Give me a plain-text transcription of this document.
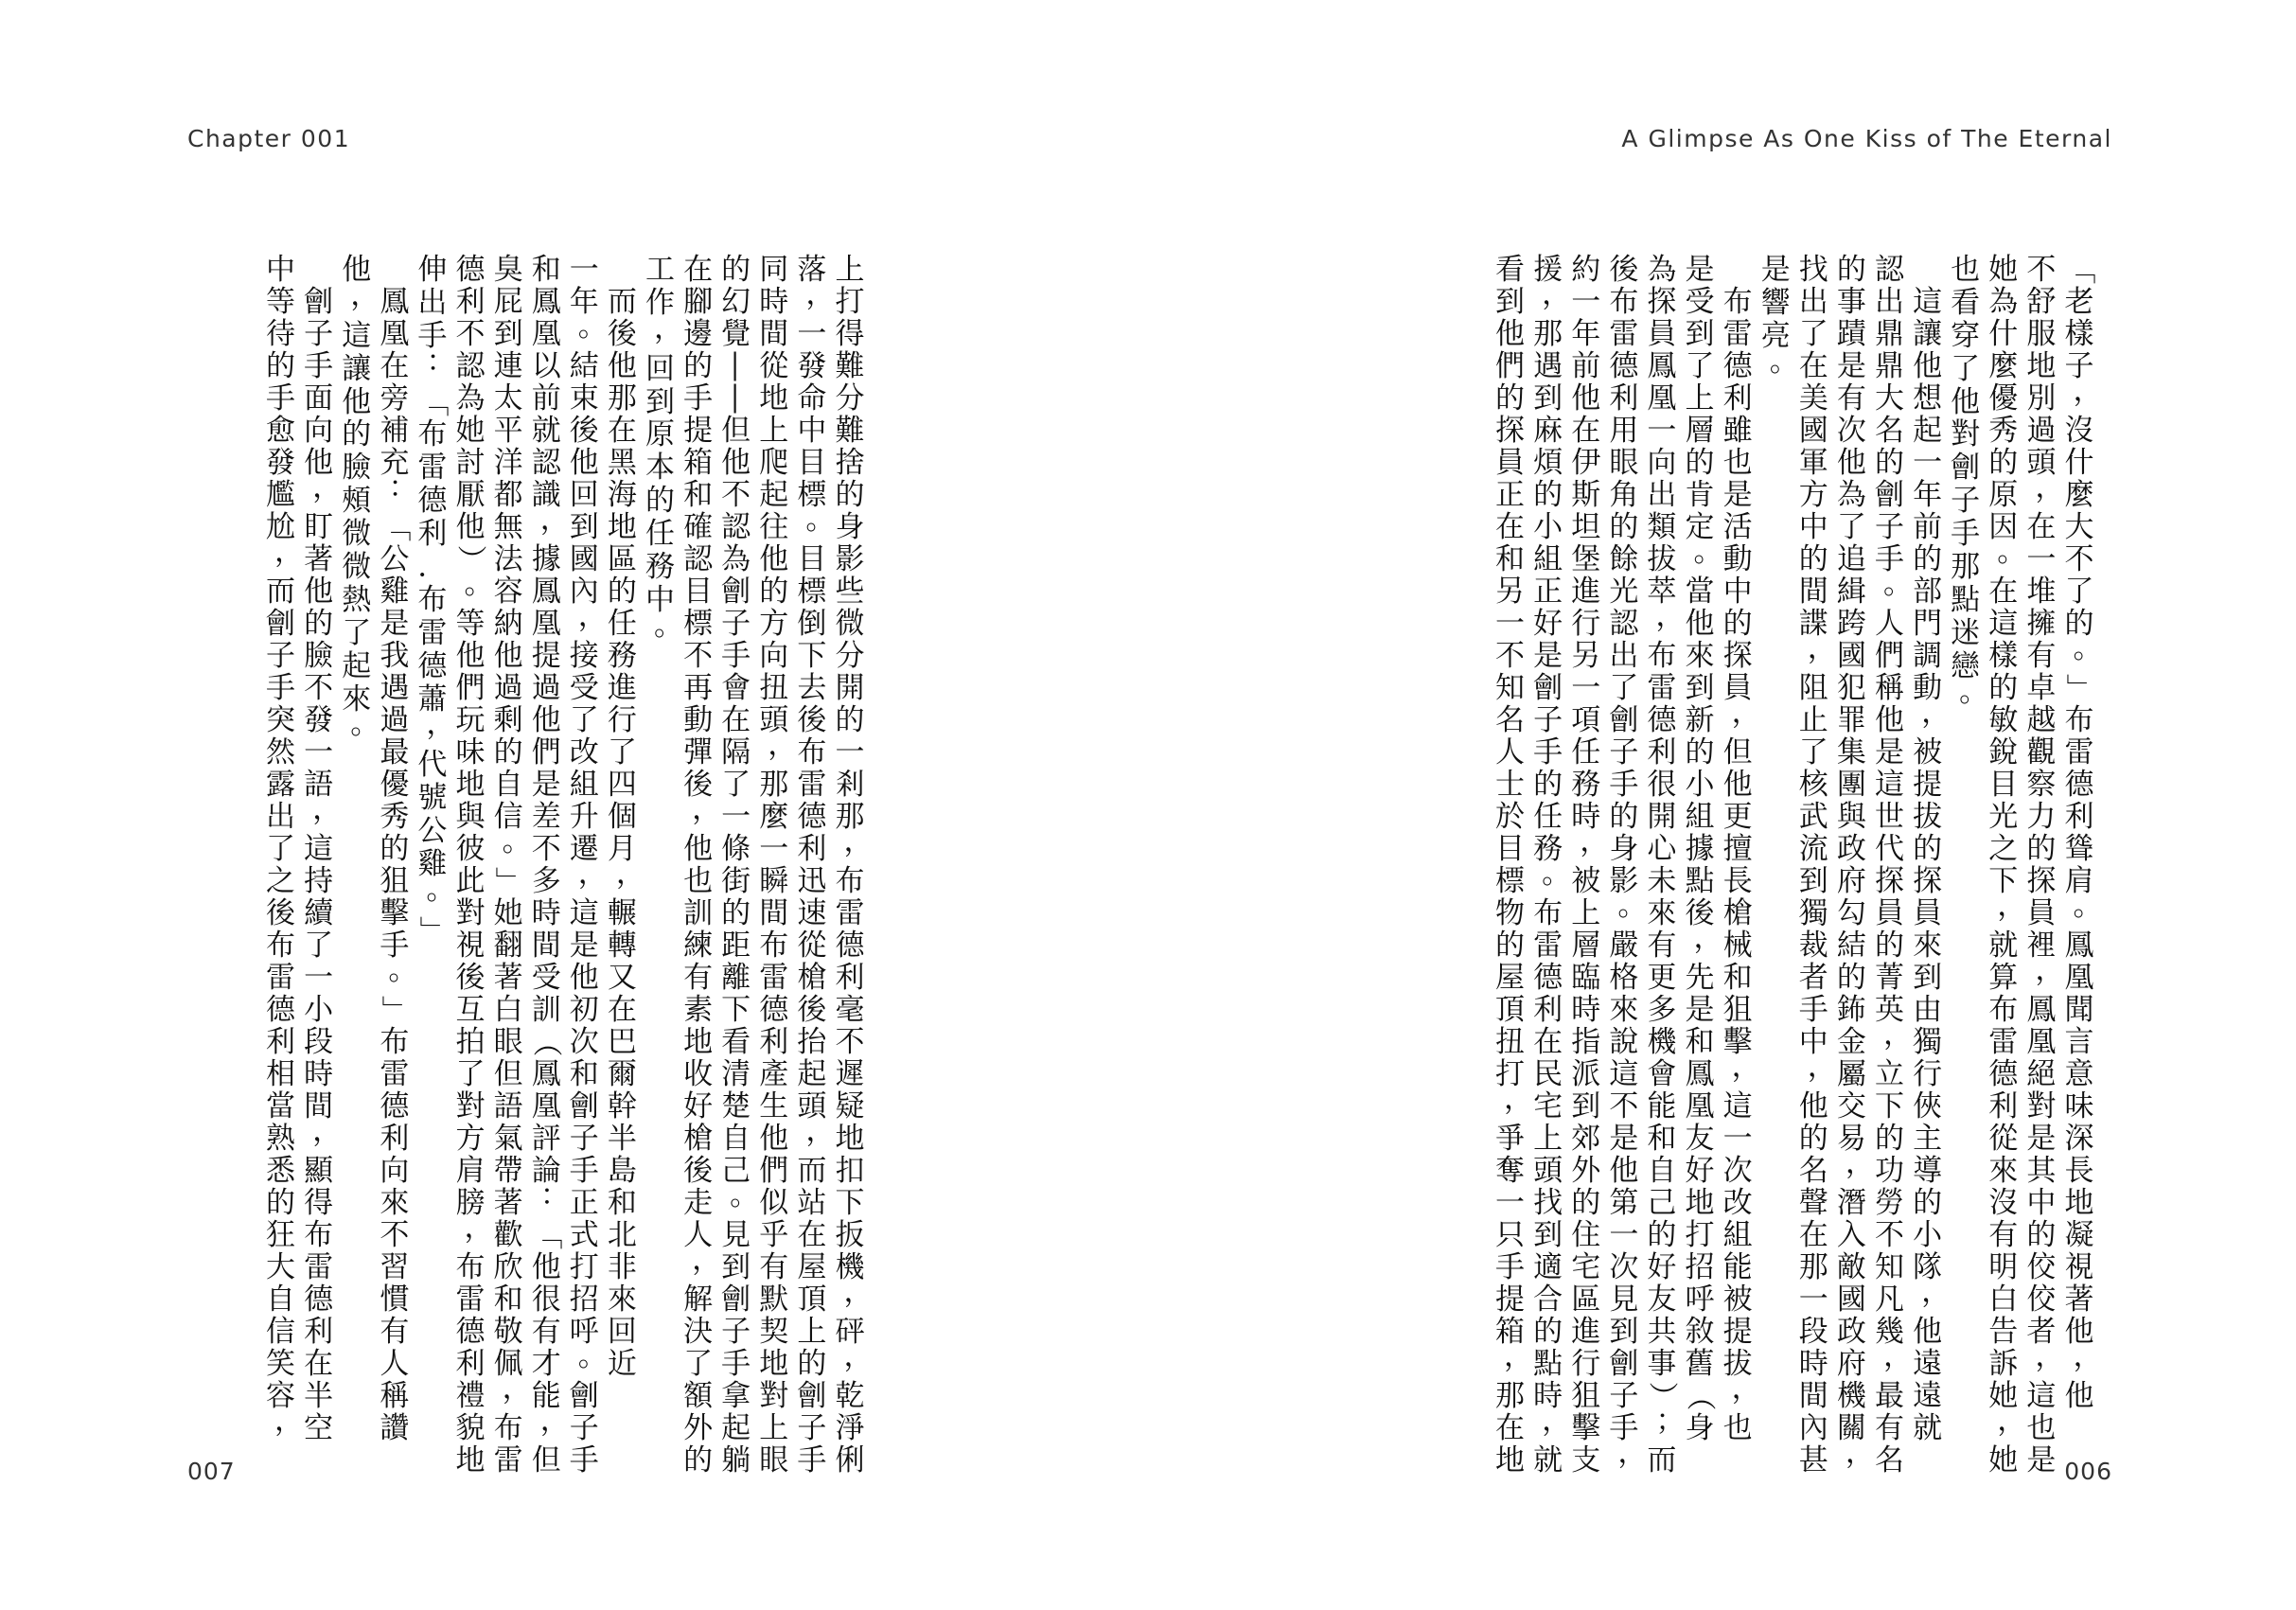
Chapter 001
上
打
得
難
分
難
捨
的
身
影
些
微
分
開
的
一
剎
那
，
布
雷
德
利
毫
不
遲
疑
地
扣
下
扳
機
，
砰
，
乾
淨
俐
落
，
一
發
命
中
目
標
。
目
標
倒
下
去
後
布
雷
德
利
迅
速
從
槍
後
抬
起
頭
，
而
站
在
屋
頂
上
的
劊
子
手
同
時
間
從
地
上
爬
起
往
他
的
方
向
扭
頭
，
那
麼
一
瞬
間
布
雷
德
利
產
生
他
們
似
乎
有
默
契
地
對
上
眼
的
幻
覺
―
―
但
他
不
認
為
劊
子
手
會
在
隔
了
一
條
街
的
距
離
下
看
清
楚
自
己
。
見
到
劊
子
手
拿
起
躺
在
腳
邊
的
手
提
箱
和
確
認
目
標
不
再
動
彈
後
，
他
也
訓
練
有
素
地
收
好
槍
後
走
人
，
解
決
了
額
外
的
工
作
，
回
到
原
本
的
任
務
中
。

而
後
他
那
在
黑
海
地
區
的
任
務
進
行
了
四
個
月
，
輾
轉
又
在
巴
爾
幹
半
島
和
北
非
來
回
近
一
年
。
結
束
後
他
回
到
國
內
，
接
受
了
改
組
升
遷
，
這
是
他
初
次
和
劊
子
手
正
式
打
招
呼
。
劊
子
手
和
鳳
凰
以
前
就
認
識
，
據
鳳
凰
提
過
他
們
是
差
不
多
時
間
受
訓
（
鳳
凰
評
論
：
「
他
很
有
才
能
，
但
臭
屁
到
連
太
平
洋
都
無
法
容
納
他
過
剩
的
自
信
。
」
她
翻
著
白
眼
但
語
氣
帶
著
歡
欣
和
敬
佩
，
布
雷
德
利
不
認
為
她
討
厭
他
）
。
等
他
們
玩
味
地
與
彼
此
對
視
後
互
拍
了
對
方
肩
膀
，
布
雷
德
利
禮
貌
地
伸
出
手
：
「
布
雷
德
利
．
布
雷
德
蕭
，
代
號
公
雞
。
」

鳳
凰
在
旁
補
充
：
「
公
雞
是
我
遇
過
最
優
秀
的
狙
擊
手
。
」
布
雷
德
利
向
來
不
習
慣
有
人
稱
讚
他
，
這
讓
他
的
臉
頰
微
微
熱
了
起
來
。

劊
子
手
面
向
他
，
盯
著
他
的
臉
不
發
一
語
，
這
持
續
了
一
小
段
時
間
，
顯
得
布
雷
德
利
在
半
空
中
等
待
的
手
愈
發
尷
尬
，
而
劊
子
手
突
然
露
出
了
之
後
布
雷
德
利
相
當
熟
悉
的
狂
大
自
信
笑
容
，
007
A Glimpse As One Kiss of The Eternal
「
老
樣
子
，
沒
什
麼
大
不
了
的
。
」
布
雷
德
利
聳
肩
。
鳳
凰
聞
言
意
味
深
長
地
凝
視
著
他
，
他
不
舒
服
地
別
過
頭
，
在
一
堆
擁
有
卓
越
觀
察
力
的
探
員
裡
，
鳳
凰
絕
對
是
其
中
的
佼
佼
者
，
這
也
是
她
為
什
麼
優
秀
的
原
因
。
在
這
樣
的
敏
銳
目
光
之
下
，
就
算
布
雷
德
利
從
來
沒
有
明
白
告
訴
她
，
她
也
看
穿
了
他
對
劊
子
手
那
點
迷
戀
。

這
讓
他
想
起
一
年
前
的
部
門
調
動
，
被
提
拔
的
探
員
來
到
由
獨
行
俠
主
導
的
小
隊
，
他
遠
遠
就
認
出
鼎
鼎
大
名
的
劊
子
手
。
人
們
稱
他
是
這
世
代
探
員
的
菁
英
，
立
下
的
功
勞
不
知
凡
幾
，
最
有
名
的
事
蹟
是
有
次
他
為
了
追
緝
跨
國
犯
罪
集
團
與
政
府
勾
結
的
鈽
金
屬
交
易
，
潛
入
敵
國
政
府
機
關
，
找
出
了
在
美
國
軍
方
中
的
間
諜
，
阻
止
了
核
武
流
到
獨
裁
者
手
中
，
他
的
名
聲
在
那
一
段
時
間
內
甚
是
響
亮
。

布
雷
德
利
雖
也
是
活
動
中
的
探
員
，
但
他
更
擅
長
槍
械
和
狙
擊
，
這
一
次
改
組
能
被
提
拔
，
也
是
受
到
了
上
層
的
肯
定
。
當
他
來
到
新
的
小
組
據
點
後
，
先
是
和
鳳
凰
友
好
地
打
招
呼
敘
舊
（
身
為
探
員
鳳
凰
一
向
出
類
拔
萃
，
布
雷
德
利
很
開
心
未
來
有
更
多
機
會
能
和
自
己
的
好
友
共
事
）
；
而
後
布
雷
德
利
用
眼
角
的
餘
光
認
出
了
劊
子
手
的
身
影
。
嚴
格
來
說
這
不
是
他
第
一
次
見
到
劊
子
手
，
約
一
年
前
他
在
伊
斯
坦
堡
進
行
另
一
項
任
務
時
，
被
上
層
臨
時
指
派
到
郊
外
的
住
宅
區
進
行
狙
擊
支
援
，
那
遇
到
麻
煩
的
小
組
正
好
是
劊
子
手
的
任
務
。
布
雷
德
利
在
民
宅
上
頭
找
到
適
合
的
點
時
，
就
看
到
他
們
的
探
員
正
在
和
另
一
不
知
名
人
士
於
目
標
物
的
屋
頂
扭
打
，
爭
奪
一
只
手
提
箱
，
那
在
地	006
